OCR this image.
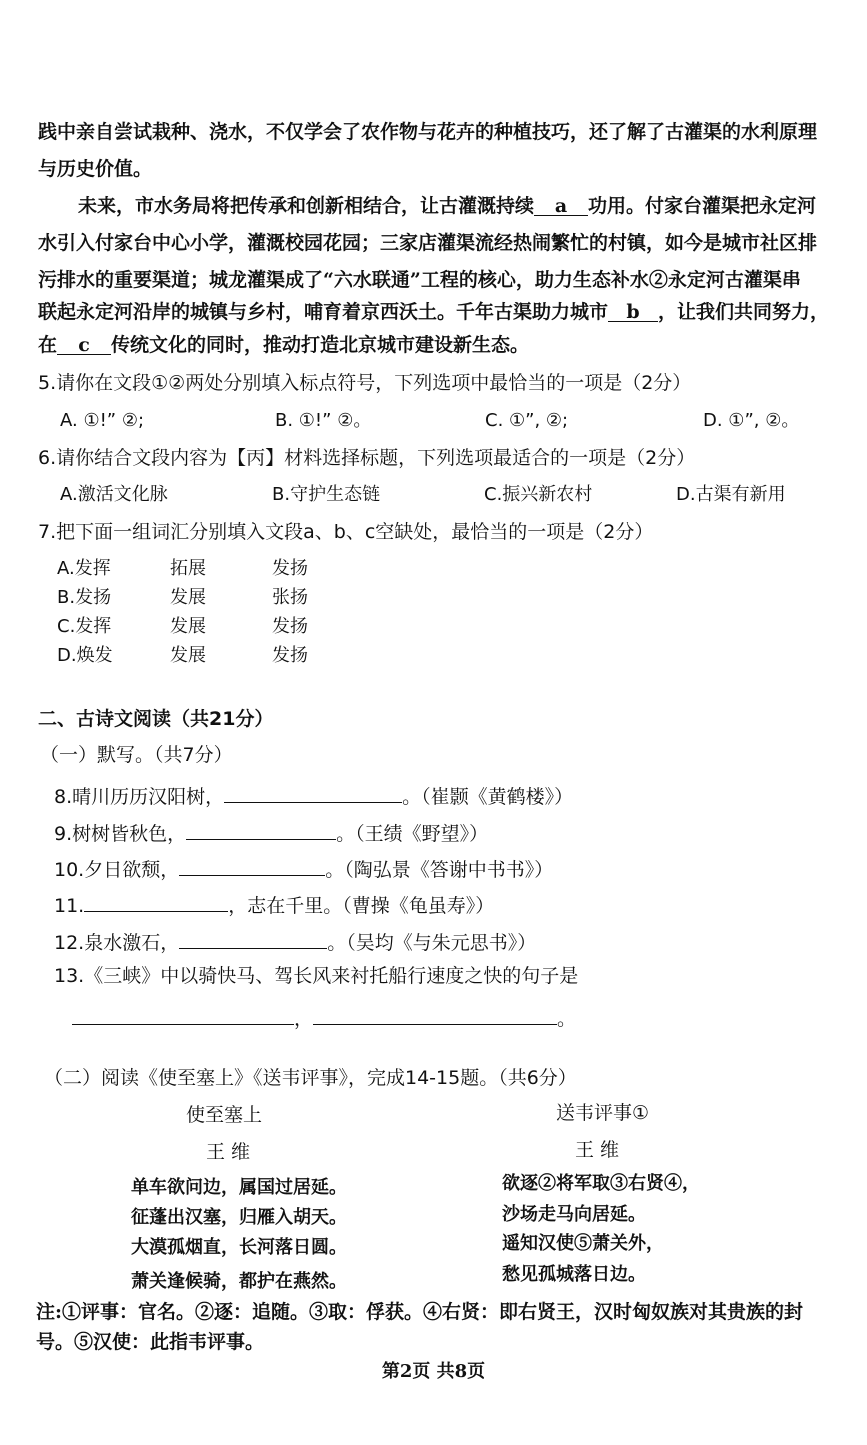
践中亲自尝试栽种、浇水，不仅学会了农作物与花卉的种植技巧，还了解了古灌渠的水利原理
与历史价值。
未来，市水务局将把传承和创新相结合，让古灌溉持续 a 功用。付家台灌渠把永定河
水引入付家台中心小学，灌溉校园花园；三家店灌渠流经热闹繁忙的村镇，如今是城市社区排
污排水的重要渠道；城龙灌渠成了“六水联通”工程的核心，助力生态补水②永定河古灌渠串
联起永定河沿岸的城镇与乡村，哺育着京西沃土。千年古渠助力城市 b ，让我们共同努力，
在 c 传统文化的同时，推动打造北京城市建设新生态。
5.请你在文段①②两处分别填入标点符号，下列选项中最恰当的一项是（2分）
A. ①!” ②;	B. ①!” ②。	C. ①”, ②;	D. ①”, ②。
6.请你结合文段内容为【丙】材料选择标题，下列选项最适合的一项是（2分）
A.激活文化脉	B.守护生态链	C.振兴新农村	D.古渠有新用
7.把下面一组词汇分别填入文段a、b、c空缺处，最恰当的一项是（2分）
A.发挥	拓展	发扬
B.发扬	发展	张扬
C.发挥	发展	发扬
D.焕发	发展	发扬
二、古诗文阅读（共21分）
（一）默写。（共7分）
8.晴川历历汉阳树，	。（崔颢《黄鹤楼》）
9.树树皆秋色，	。（王绩《野望》）
10.夕日欲颓，	。（陶弘景《答谢中书书》）
11.	，志在千里。（曹操《龟虽寿》）
12.泉水激石，	。（吴均《与朱元思书》）
13.《三峡》中以骑快马、驾长风来衬托船行速度之快的句子是
，	。
（二）阅读《使至塞上》《送韦评事》，完成14-15题。（共6分）
使至塞上
王 维
单车欲问边，属国过居延。
征蓬出汉塞，归雁入胡天。
大漠孤烟直，长河落日圆。
萧关逢候骑，都护在燕然。
送韦评事①
王 维
欲逐②将军取③右贤④，
沙场走马向居延。
遥知汉使⑤萧关外，
愁见孤城落日边。
注:①评事：官名。②逐：追随。③取：俘获。④右贤：即右贤王，汉时匈奴族对其贵族的封
号。⑤汉使：此指韦评事。
第2页 共8页
